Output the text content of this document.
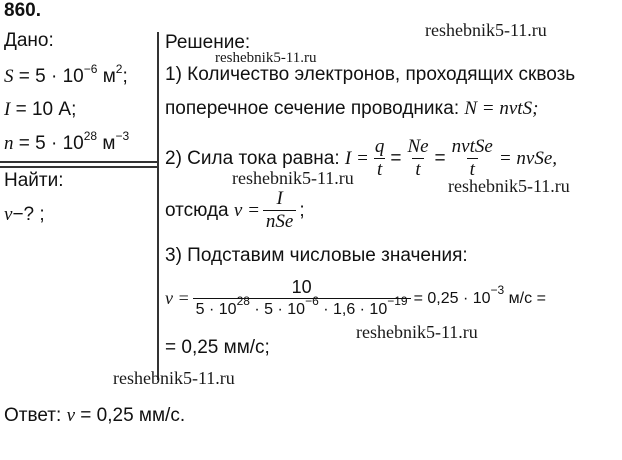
860.
Дано:
$S = 5 \cdot 10^{-6}$ $м^2$;
I = 10 А;
$n = 5 \cdot 10^{28}$ $м^{-3}$
Найти:
v−? ;
Решение:
1) Количество электронов, проходящих сквозь
поперечное сечение проводника: N = nvtS;
2) Сила тока равна:
$I = \frac{q}{t} = \frac{Ne}{t} = \frac{\text{nvtSe}}{t}$ = nvSe,
отсюда
$v = \frac{I}{\text{nSe}}$ ;
3) Подставим числовые значения:
$v = \frac{10}{5 \cdot 10^{28} \cdot 5 \cdot 10^{-6} \cdot 1,6 \cdot 10^{-19}} = 0,25 \cdot 10^{-3}$ м/с =
= 0,25 мм/с;
Ответ: v = 0,25 мм/с.
reshebnik5-11.ru
reshebnik5-11.ru
reshebnik5-11.ru	reshebnik5-11.ru
reshebnik5-11.ru
reshebnik5-11.ru
